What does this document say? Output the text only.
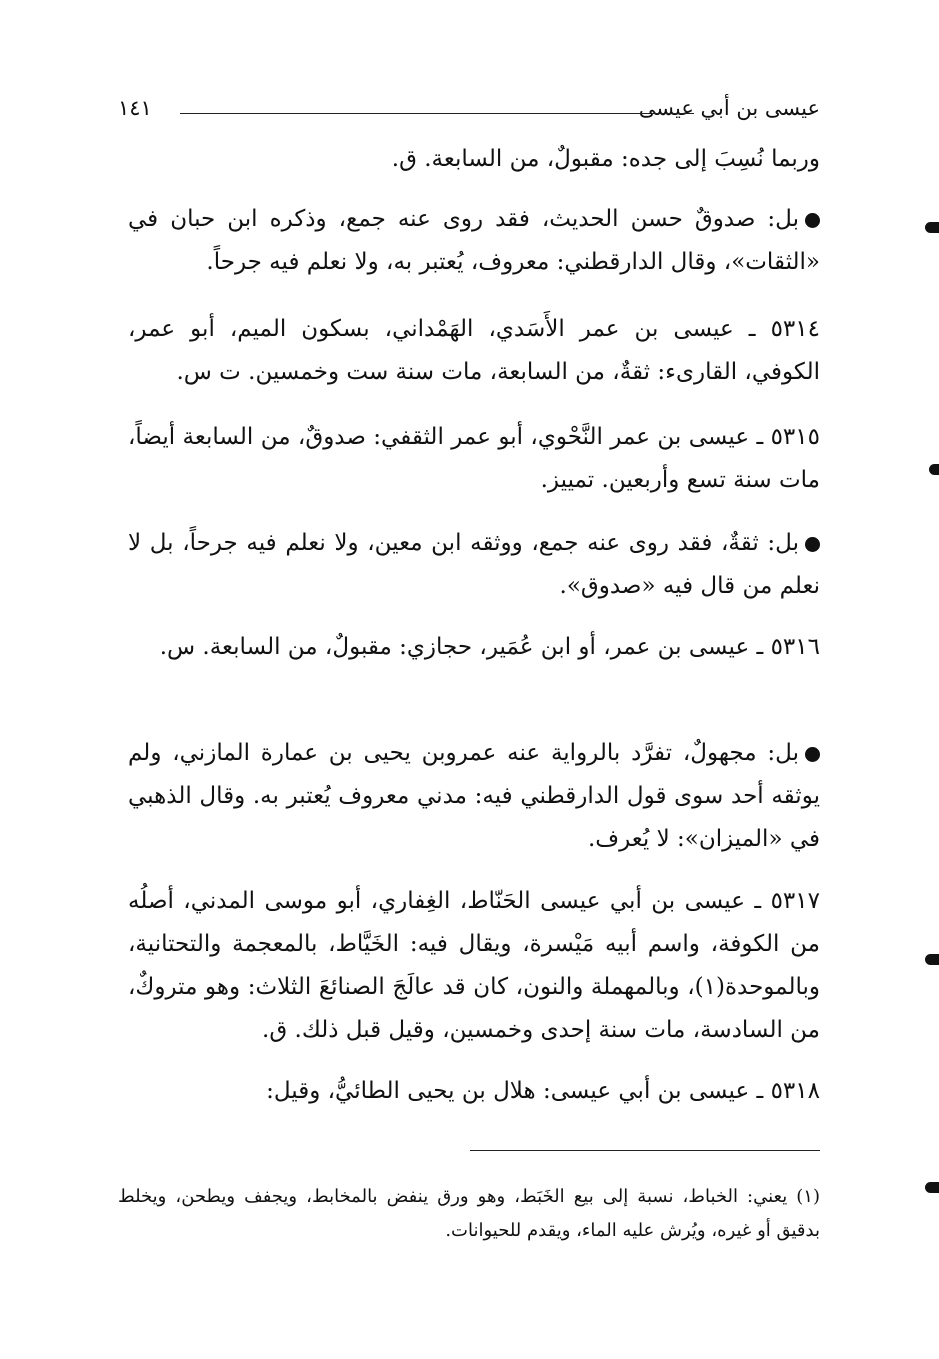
عيسى بن أبي عيسى
١٤١
وربما نُسِبَ إلى جده: مقبولٌ، من السابعة. ق.
بل: صدوقٌ حسن الحديث، فقد روى عنه جمع، وذكره ابن حبان في «الثقات»، وقال الدارقطني: معروف، يُعتبر به، ولا نعلم فيه جرحاً.
٥٣١٤ ـ عيسى بن عمر الأَسَدي، الهَمْداني، بسكون الميم، أبو عمر، الكوفي، القارىء: ثقةٌ، من السابعة، مات سنة ست وخمسين. ت س.
٥٣١٥ ـ عيسى بن عمر النَّحْوي، أبو عمر الثقفي: صدوقٌ، من السابعة أيضاً، مات سنة تسع وأربعين. تمييز.
بل: ثقةٌ، فقد روى عنه جمع، ووثقه ابن معين، ولا نعلم فيه جرحاً، بل لا نعلم من قال فيه «صدوق».
٥٣١٦ ـ عيسى بن عمر، أو ابن عُمَير، حجازي: مقبولٌ، من السابعة. س.
بل: مجهولٌ، تفرَّد بالرواية عنه عمروبن يحيى بن عمارة المازني، ولم يوثقه أحد سوى قول الدارقطني فيه: مدني معروف يُعتبر به. وقال الذهبي في «الميزان»: لا يُعرف.
٥٣١٧ ـ عيسى بن أبي عيسى الحَنّاط، الغِفاري، أبو موسى المدني، أصلُه من الكوفة، واسم أبيه مَيْسرة، ويقال فيه: الخَيَّاط، بالمعجمة والتحتانية، وبالموحدة(١)، وبالمهملة والنون، كان قد عالَجَ الصنائعَ الثلاث: وهو متروكٌ، من السادسة، مات سنة إحدى وخمسين، وقيل قبل ذلك. ق.
٥٣١٨ ـ عيسى بن أبي عيسى: هلال بن يحيى الطائيُّ، وقيل:
(١) يعني: الخباط، نسبة إلى بيع الخَبَط، وهو ورق ينفض بالمخابط، ويجفف ويطحن، ويخلط بدقيق أو غيره، ويُرش عليه الماء، ويقدم للحيوانات.
